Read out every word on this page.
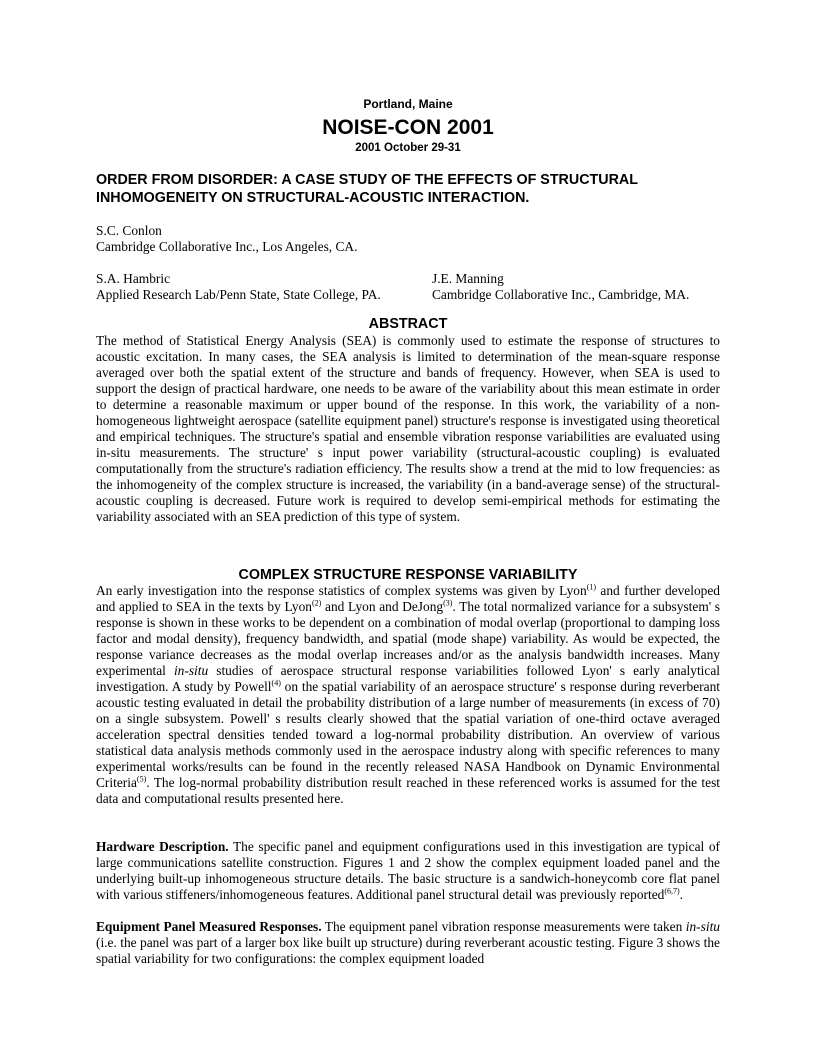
Portland, Maine
NOISE-CON 2001
2001 October 29-31
ORDER FROM DISORDER: A CASE STUDY OF THE EFFECTS OF STRUCTURAL INHOMOGENEITY ON STRUCTURAL-ACOUSTIC INTERACTION.
S.C. Conlon
Cambridge Collaborative Inc., Los Angeles, CA.
S.A. Hambric
Applied Research Lab/Penn State, State College, PA.
J.E. Manning
Cambridge Collaborative Inc., Cambridge, MA.
ABSTRACT
The method of Statistical Energy Analysis (SEA) is commonly used to estimate the response of structures to acoustic excitation. In many cases, the SEA analysis is limited to determination of the mean-square response averaged over both the spatial extent of the structure and bands of frequency. However, when SEA is used to support the design of practical hardware, one needs to be aware of the variability about this mean estimate in order to determine a reasonable maximum or upper bound of the response. In this work, the variability of a non-homogeneous lightweight aerospace (satellite equipment panel) structure's response is investigated using theoretical and empirical techniques. The structure's spatial and ensemble vibration response variabilities are evaluated using in-situ measurements. The structure' s input power variability (structural-acoustic coupling) is evaluated computationally from the structure's radiation efficiency. The results show a trend at the mid to low frequencies: as the inhomogeneity of the complex structure is increased, the variability (in a band-average sense) of the structural-acoustic coupling is decreased. Future work is required to develop semi-empirical methods for estimating the variability associated with an SEA prediction of this type of system.
COMPLEX STRUCTURE RESPONSE VARIABILITY
An early investigation into the response statistics of complex systems was given by Lyon$^{(1)}$ and further developed and applied to SEA in the texts by Lyon$^{(2)}$ and Lyon and DeJong$^{(3)}$. The total normalized variance for a subsystem' s response is shown in these works to be dependent on a combination of modal overlap (proportional to damping loss factor and modal density), frequency bandwidth, and spatial (mode shape) variability. As would be expected, the response variance decreases as the modal overlap increases and/or as the analysis bandwidth increases. Many experimental in-situ studies of aerospace structural response variabilities followed Lyon' s early analytical investigation. A study by Powell$^{(4)}$ on the spatial variability of an aerospace structure' s response during reverberant acoustic testing evaluated in detail the probability distribution of a large number of measurements (in excess of 70) on a single subsystem. Powell' s results clearly showed that the spatial variation of one-third octave averaged acceleration spectral densities tended toward a log-normal probability distribution. An overview of various statistical data analysis methods commonly used in the aerospace industry along with specific references to many experimental works/results can be found in the recently released NASA Handbook on Dynamic Environmental Criteria$^{(5)}$. The log-normal probability distribution result reached in these referenced works is assumed for the test data and computational results presented here.
Hardware Description. The specific panel and equipment configurations used in this investigation are typical of large communications satellite construction. Figures 1 and 2 show the complex equipment loaded panel and the underlying built-up inhomogeneous structure details. The basic structure is a sandwich-honeycomb core flat panel with various stiffeners/inhomogeneous features. Additional panel structural detail was previously reported$^{(6,7)}$.
Equipment Panel Measured Responses. The equipment panel vibration response measurements were taken in-situ (i.e. the panel was part of a larger box like built up structure) during reverberant acoustic testing. Figure 3 shows the spatial variability for two configurations: the complex equipment loaded
